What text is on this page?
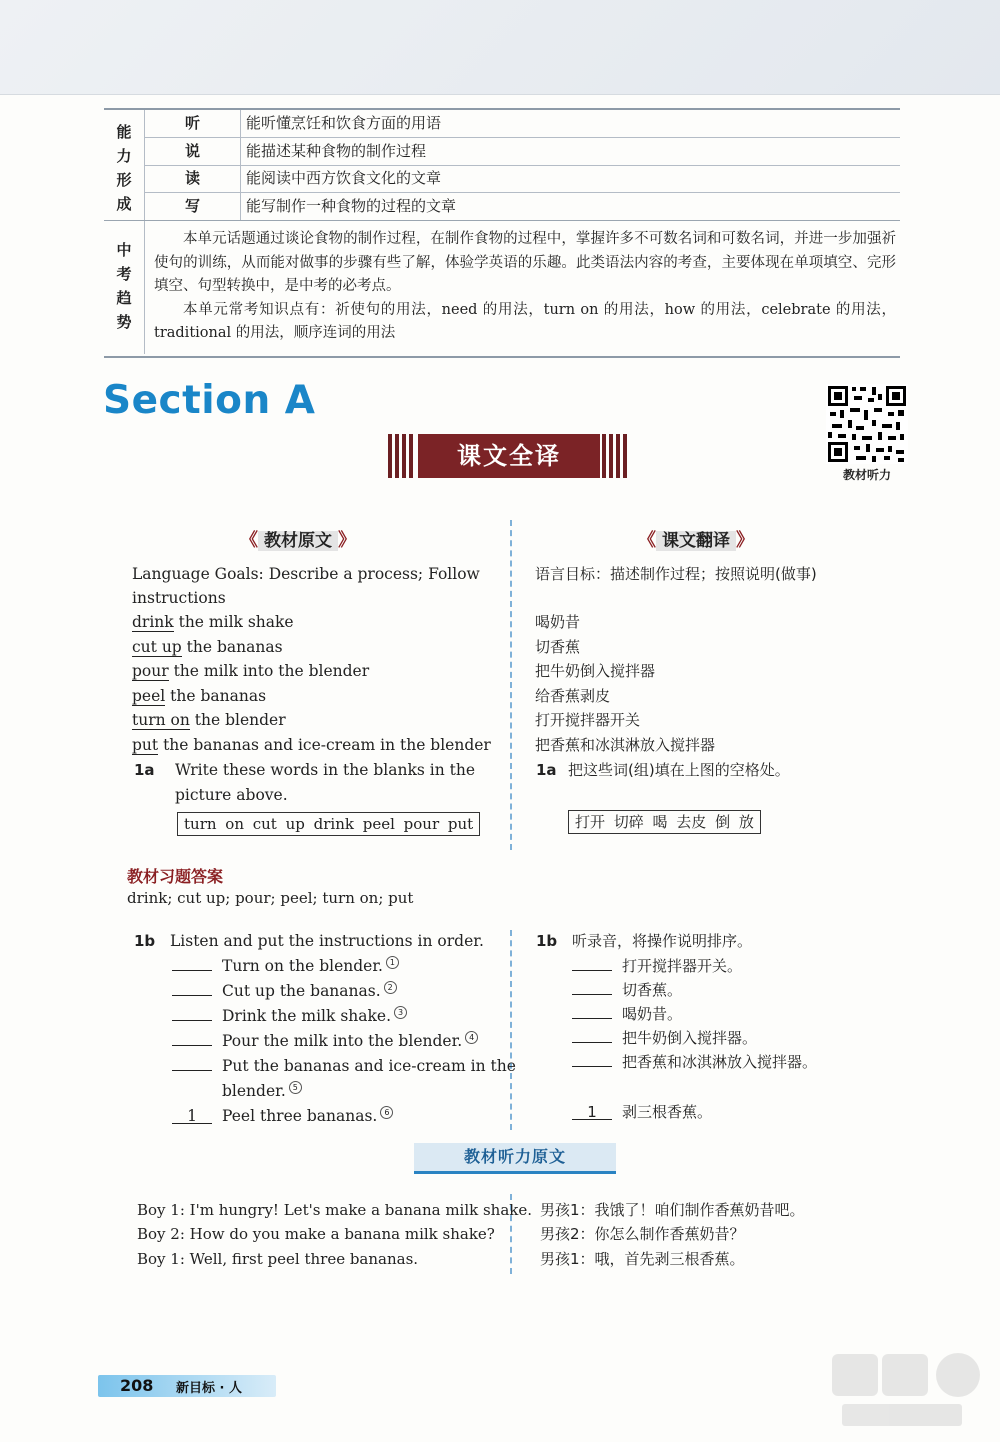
能
力
形
成
听
说
读
写
能听懂烹饪和饮食方面的用语
能描述某种食物的制作过程
能阅读中西方饮食文化的文章
能写制作一种食物的过程的文章
中
考
趋
势

本单元话题通过谈论食物的制作过程，在制作食物的过程中，掌握许多不可数名词和可数名词，并进一步加强祈使句的训练，从而能对做事的步骤有些了解，体验学英语的乐趣。此类语法内容的考查，主要体现在单项填空、完形填空、句型转换中，是中考的必考点。

本单元常考知识点有：祈使句的用法，need 的用法，turn on 的用法，how 的用法，celebrate 的用法，traditional 的用法，顺序连词的用法

Section A
教材听力
课文全译
《 教材原文 》	《 课文翻译 》
Language Goals: Describe a process; Follow
instructions
语言目标：描述制作过程；按照说明(做事)
drink the milk shake
cut up the bananas
pour the milk into the blender
peel the bananas
turn on the blender
put the bananas and ice-cream in the blender
喝奶昔
切香蕉
把牛奶倒入搅拌器
给香蕉剥皮
打开搅拌器开关
把香蕉和冰淇淋放入搅拌器
1a Write these words in the blanks in the
picture above.
turn on cut up drink peel pour put
1a 把这些词(组)填在上图的空格处。
打开 切碎 喝 去皮 倒 放
教材习题答案
drink; cut up; pour; peel; turn on; put
1b Listen and put the instructions in order.	1b 听录音，将操作说明排序。
Turn on the blender. 1
Cut up the bananas. 2
Drink the milk shake. 3
Pour the milk into the blender. 4
Put the bananas and ice-cream in the
blender. 5
1 Peel three bananas. 6
打开搅拌器开关。
切香蕉。
喝奶昔。
把牛奶倒入搅拌器。
把香蕉和冰淇淋放入搅拌器。
1 剥三根香蕉。
教材听力原文
Boy 1: I'm hungry! Let's make a banana milk shake.
Boy 2: How do you make a banana milk shake?
Boy 1: Well, first peel three bananas.
男孩1：我饿了！咱们制作香蕉奶昔吧。
男孩2：你怎么制作香蕉奶昔？
男孩1：哦，首先剥三根香蕉。
208 新目标 · 人
